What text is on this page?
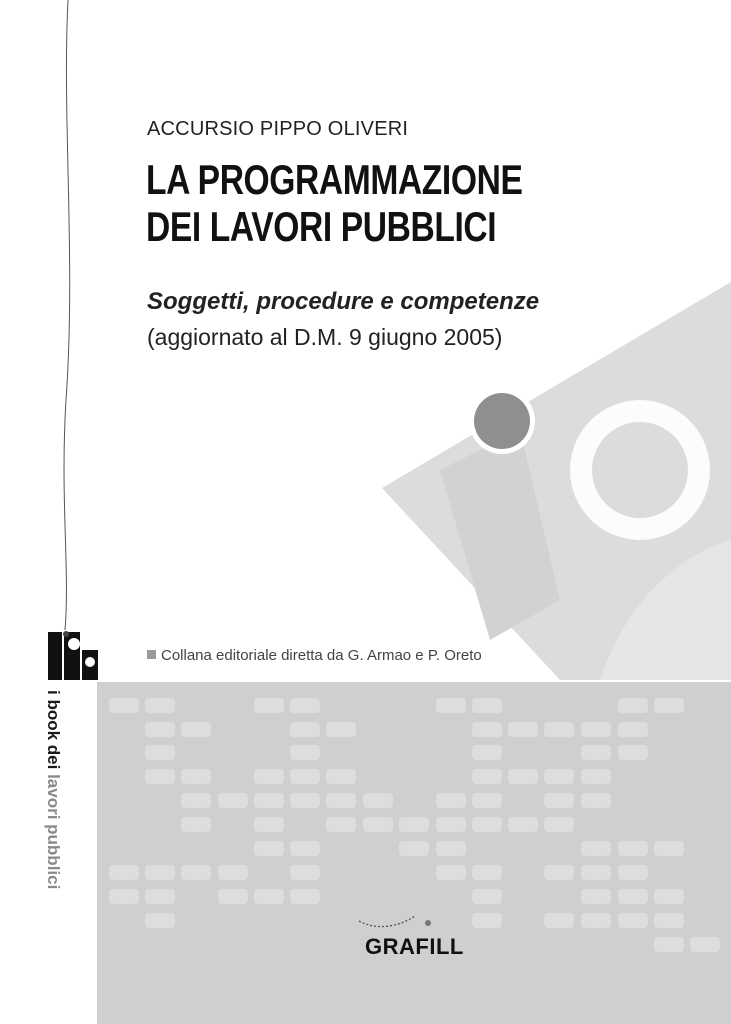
ACCURSIO PIPPO OLIVERI
LA PROGRAMMAZIONE
DEI LAVORI PUBBLICI
Soggetti, procedure e competenze
(aggiornato al D.M. 9 giugno 2005)
Collana editoriale diretta da G. Armao e P. Oreto
GRAFILL
i book dei lavori pubblici
